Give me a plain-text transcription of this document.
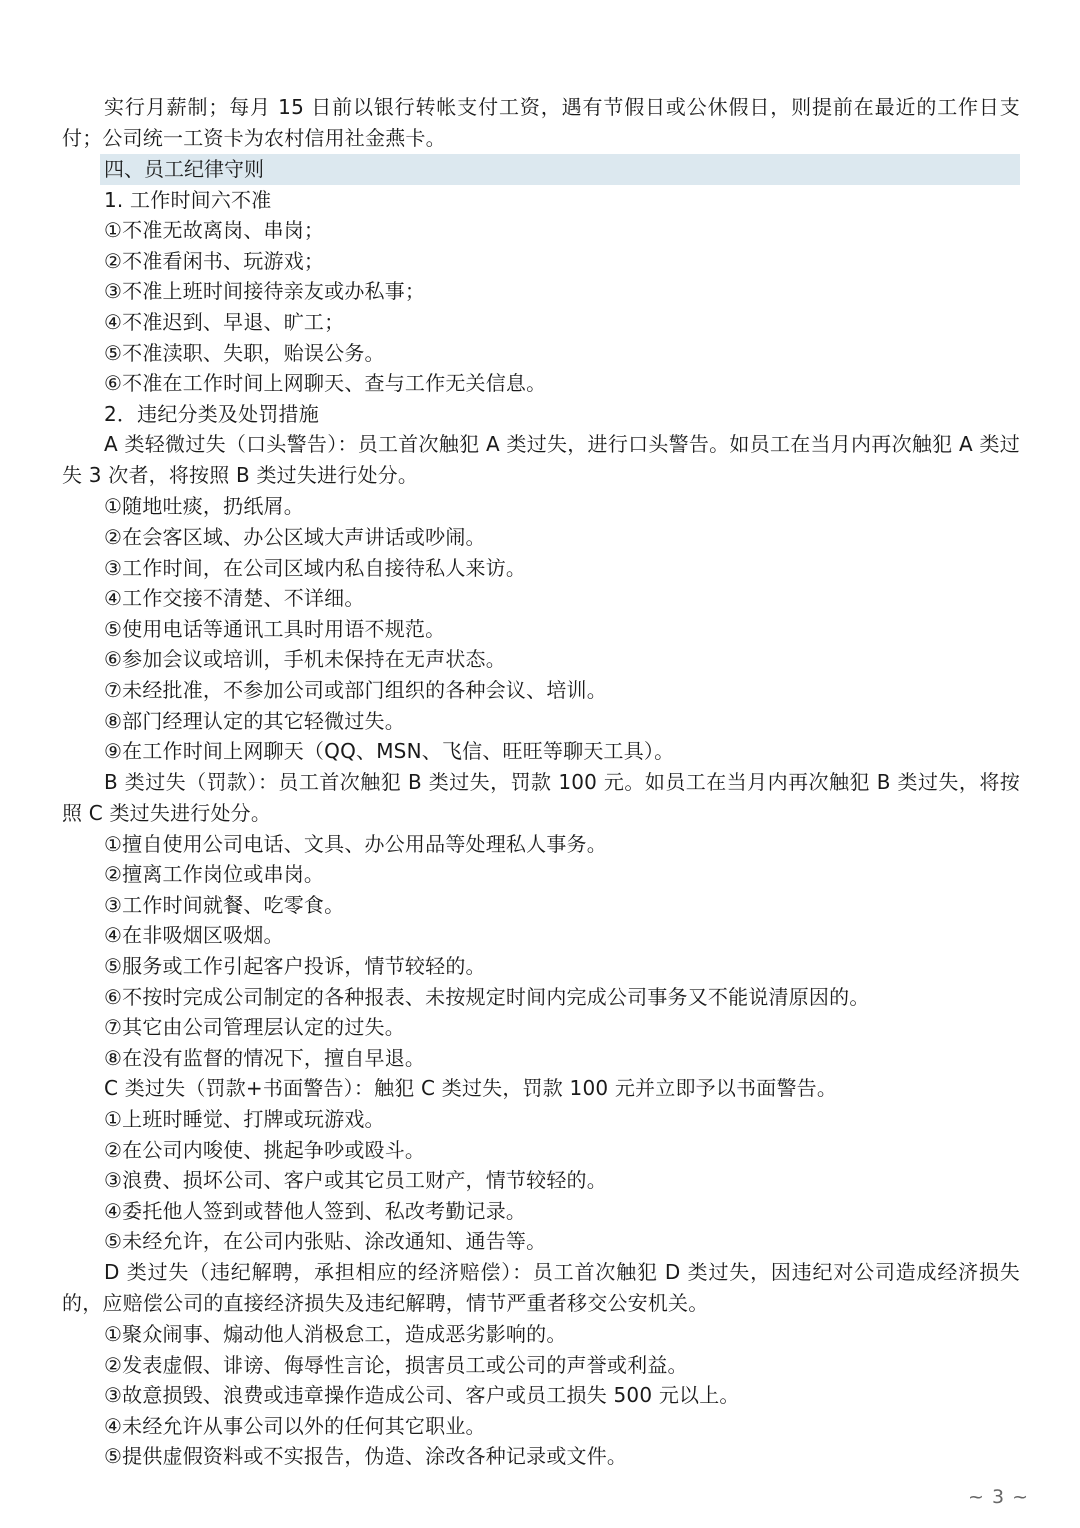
实行月薪制；每月 15 日前以银行转帐支付工资，遇有节假日或公休假日，则提前在最近的工作日支付；公司统一工资卡为农村信用社金燕卡。
四、员工纪律守则
1. 工作时间六不准
①不准无故离岗、串岗；
②不准看闲书、玩游戏；
③不准上班时间接待亲友或办私事；
④不准迟到、早退、旷工；
⑤不准渎职、失职，贻误公务。
⑥不准在工作时间上网聊天、查与工作无关信息。
2．违纪分类及处罚措施
A 类轻微过失（口头警告）：员工首次触犯 A 类过失，进行口头警告。如员工在当月内再次触犯 A 类过失 3 次者，将按照 B 类过失进行处分。
①随地吐痰，扔纸屑。
②在会客区域、办公区域大声讲话或吵闹。
③工作时间，在公司区域内私自接待私人来访。
④工作交接不清楚、不详细。
⑤使用电话等通讯工具时用语不规范。
⑥参加会议或培训，手机未保持在无声状态。
⑦未经批准，不参加公司或部门组织的各种会议、培训。
⑧部门经理认定的其它轻微过失。
⑨在工作时间上网聊天（QQ、MSN、飞信、旺旺等聊天工具）。
B 类过失（罚款）：员工首次触犯 B 类过失，罚款 100 元。如员工在当月内再次触犯 B 类过失，将按照 C 类过失进行处分。
①擅自使用公司电话、文具、办公用品等处理私人事务。
②擅离工作岗位或串岗。
③工作时间就餐、吃零食。
④在非吸烟区吸烟。
⑤服务或工作引起客户投诉，情节较轻的。
⑥不按时完成公司制定的各种报表、未按规定时间内完成公司事务又不能说清原因的。
⑦其它由公司管理层认定的过失。
⑧在没有监督的情况下，擅自早退。
C 类过失（罚款+书面警告）：触犯 C 类过失，罚款 100 元并立即予以书面警告。
①上班时睡觉、打牌或玩游戏。
②在公司内唆使、挑起争吵或殴斗。
③浪费、损坏公司、客户或其它员工财产，情节较轻的。
④委托他人签到或替他人签到、私改考勤记录。
⑤未经允许，在公司内张贴、涂改通知、通告等。
D 类过失（违纪解聘，承担相应的经济赔偿）：员工首次触犯 D 类过失，因违纪对公司造成经济损失的，应赔偿公司的直接经济损失及违纪解聘，情节严重者移交公安机关。
①聚众闹事、煽动他人消极怠工，造成恶劣影响的。
②发表虚假、诽谤、侮辱性言论，损害员工或公司的声誉或利益。
③故意损毁、浪费或违章操作造成公司、客户或员工损失 500 元以上。
④未经允许从事公司以外的任何其它职业。
⑤提供虚假资料或不实报告，伪造、涂改各种记录或文件。
~ 3 ~
